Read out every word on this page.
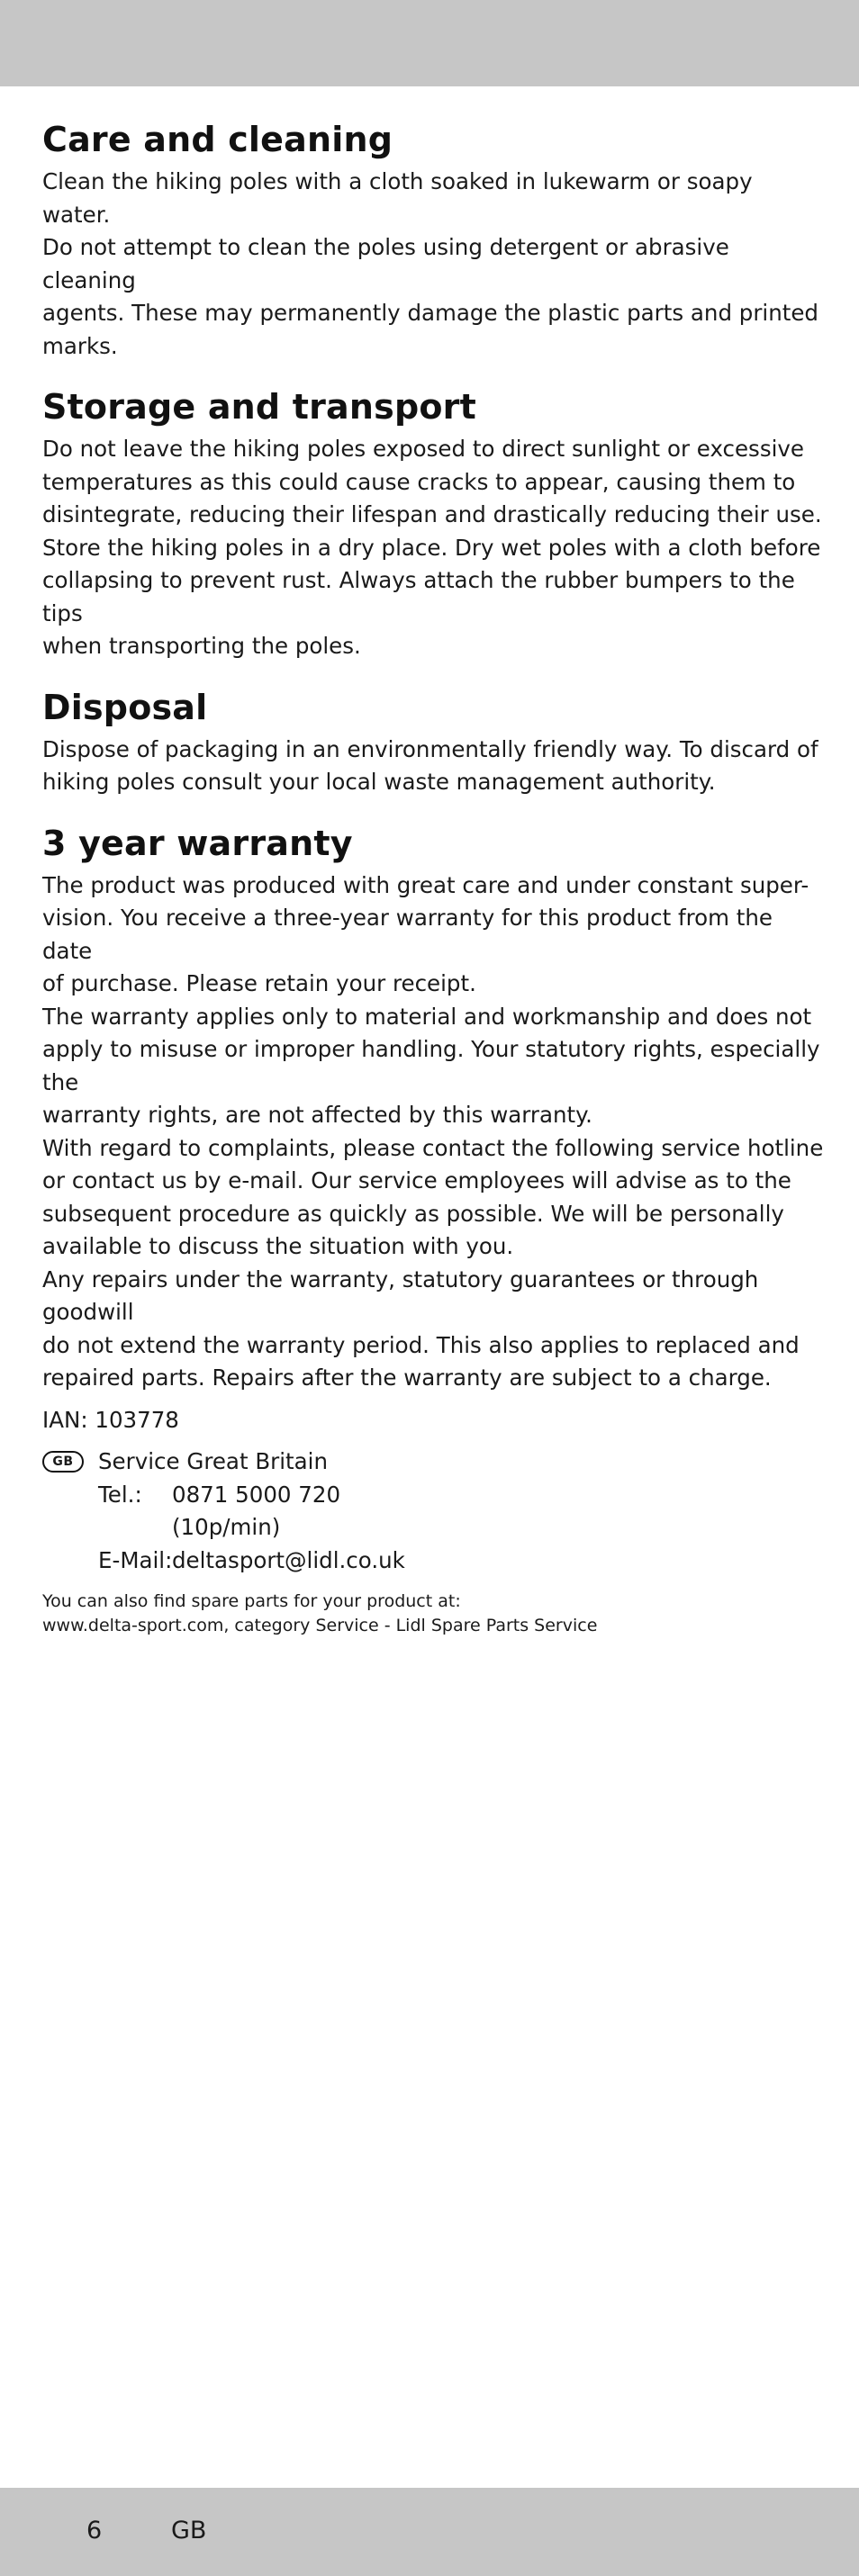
Care and cleaning

Clean the hiking poles with a cloth soaked in lukewarm or soapy water.
Do not attempt to clean the poles using detergent or abrasive cleaning
agents. These may permanently damage the plastic parts and printed
marks.

Storage and transport

Do not leave the hiking poles exposed to direct sunlight or excessive
temperatures as this could cause cracks to appear, causing them to
disintegrate, reducing their lifespan and drastically reducing their use.
Store the hiking poles in a dry place. Dry wet poles with a cloth before
collapsing to prevent rust. Always attach the rubber bumpers to the tips
when transporting the poles.

Disposal

Dispose of packaging in an environmentally friendly way. To discard of
hiking poles consult your local waste management authority.

3 year warranty

The product was produced with great care and under constant super-
vision. You receive a three-year warranty for this product from the date
of purchase. Please retain your receipt.
The warranty applies only to material and workmanship and does not
apply to misuse or improper handling. Your statutory rights, especially the
warranty rights, are not affected by this warranty.
With regard to complaints, please contact the following service hotline
or contact us by e-mail. Our service employees will advise as to the
subsequent procedure as quickly as possible. We will be personally
available to discuss the situation with you.
Any repairs under the warranty, statutory guarantees or through goodwill
do not extend the warranty period. This also applies to replaced and
repaired parts. Repairs after the warranty are subject to a charge.

IAN: 103778

GB	Service Great Britain
Tel.: 0871 5000 720
(10p/min)
E-Mail: deltasport@lidl.co.uk
You can also find spare parts for your product at:
www.delta-sport.com, category Service - Lidl Spare Parts Service
6	GB
